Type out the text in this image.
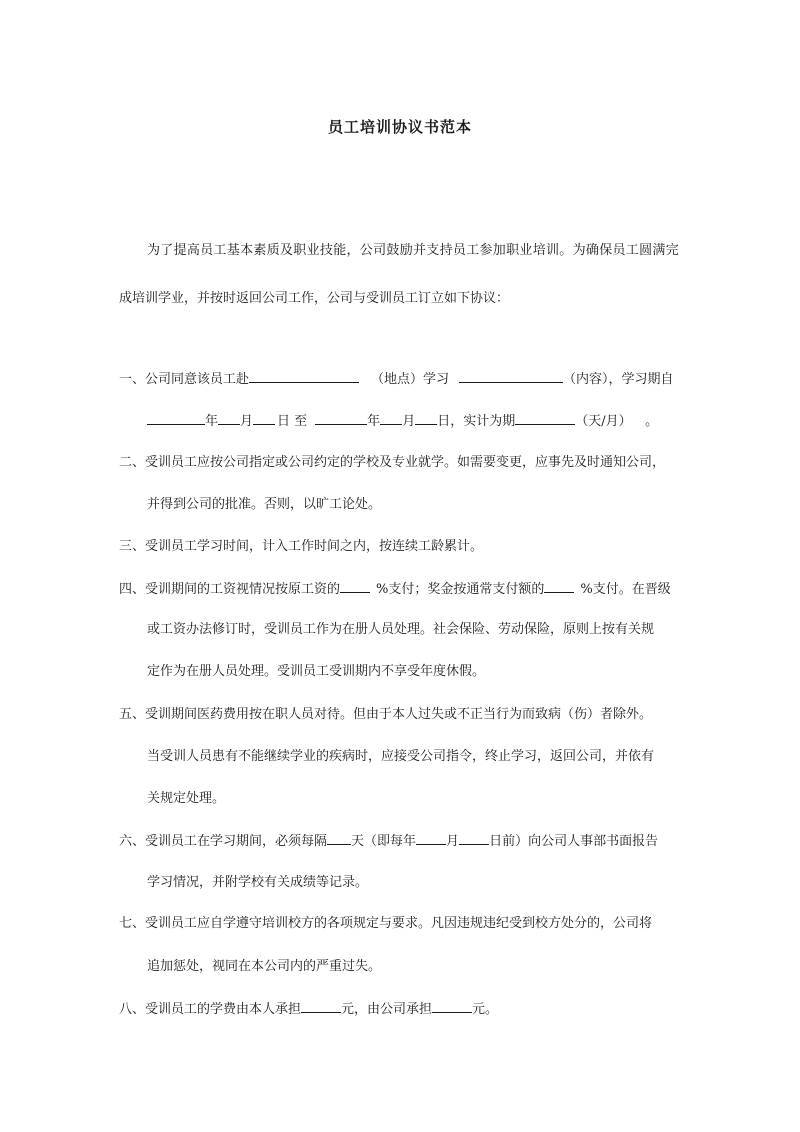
员工培训协议书范本
为了提高员工基本素质及职业技能，公司鼓励并支持员工参加职业培训。为确保员工圆满完
成培训学业，并按时返回公司工作，公司与受训员工订立如下协议：
一、公司同意该员工赴	（地点）学习	（内容），学习期自
年 月 日 至	年 月 日，实计为期	（天/月） 。
二、受训员工应按公司指定或公司约定的学校及专业就学。如需要变更，应事先及时通知公司，
并得到公司的批准。否则，以旷工论处。
三、受训员工学习时间，计入工作时间之内，按连续工龄累计。
四、受训期间的工资视情况按原工资的	%支付；奖金按通常支付额的	%支付。在晋级
或工资办法修订时，受训员工作为在册人员处理。社会保险、劳动保险，原则上按有关规
定作为在册人员处理。受训员工受训期内不享受年度休假。
五、受训期间医药费用按在职人员对待。但由于本人过失或不正当行为而致病（伤）者除外。
当受训人员患有不能继续学业的疾病时，应接受公司指令，终止学习，返回公司，并依有
关规定处理。
六、受训员工在学习期间，必须每隔 天（即每年 月 日前）向公司人事部书面报告
学习情况，并附学校有关成绩等记录。
七、受训员工应自学遵守培训校方的各项规定与要求。凡因违规违纪受到校方处分的，公司将
追加惩处，视同在本公司内的严重过失。
八、受训员工的学费由本人承担	元，由公司承担	元。
